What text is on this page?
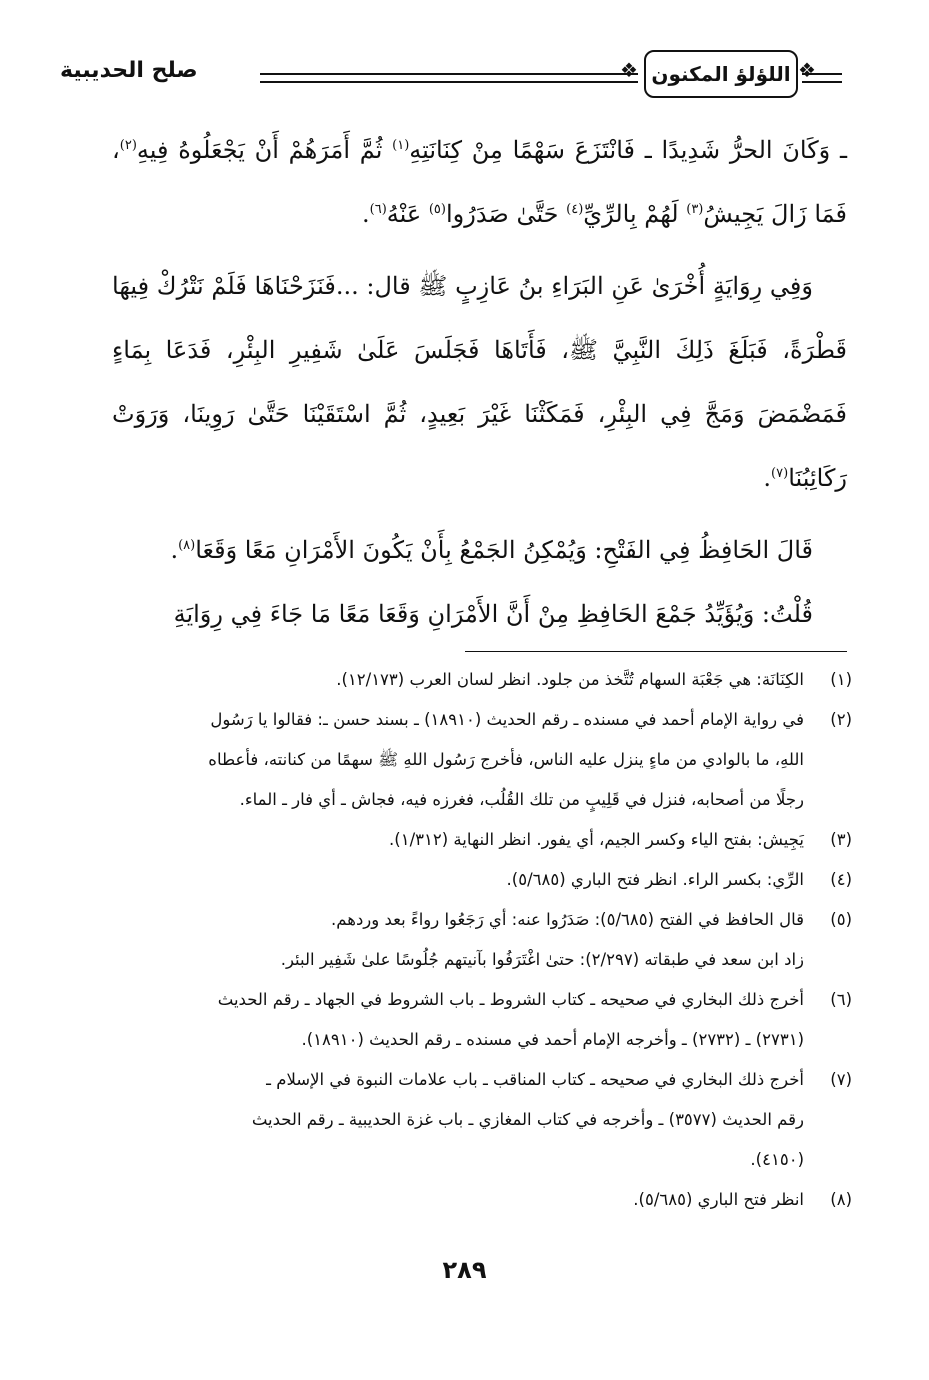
صلح الحديبية	❖ اللؤلؤ المكنون ❖

ـ وَكَانَ الحرُّ شَدِيدًا ـ فَانْتَزَعَ سَهْمًا مِنْ كِنَانَتِهِ$^{(١)}$ ثُمَّ أَمَرَهُمْ أَنْ يَجْعَلُوهُ فِيهِ$^{(٢)}$، فَمَا زَالَ يَجِيشُ$^{(٣)}$ لَهُمْ بِالرِّيِّ$^{(٤)}$ حَتَّىٰ صَدَرُوا$^{(٥)}$ عَنْهُ$^{(٦)}$.

وَفِي رِوَايَةٍ أُخْرَىٰ عَنِ البَرَاءِ بنُ عَازِبٍ ﷺ قال: ...فَنَزَحْنَاهَا فَلَمْ نَتْرُكْ فِيهَا قَطْرَةً، فَبَلَغَ ذَلِكَ النَّبِيَّ ﷺ، فَأَتَاهَا فَجَلَسَ عَلَىٰ شَفِيرِ البِئْرِ، فَدَعَا بِمَاءٍ فَمَضْمَضَ وَمَجَّ فِي البِئْرِ، فَمَكَثْنَا غَيْرَ بَعِيدٍ، ثُمَّ اسْتَقَيْنَا حَتَّىٰ رَوِينَا، وَرَوَتْ رَكَائِبُنَا$^{(٧)}$.

قَالَ الحَافِظُ فِي الفَتْحِ: وَيُمْكِنُ الجَمْعُ بِأَنْ يَكُونَ الأَمْرَانِ مَعًا وَقَعَا$^{(٨)}$.

قُلْتُ: وَيُؤَيِّدُ جَمْعَ الحَافِظِ مِنْ أَنَّ الأَمْرَانِ وَقَعَا مَعًا مَا جَاءَ فِي رِوَايَةِ

(١)
الكِنَانَة: هي جَعْبَة السهام تُتَّخذ من جلود. انظر لسان العرب (١٢/١٧٣).
(٢)
في رواية الإمام أحمد في مسنده ـ رقم الحديث (١٨٩١٠) ـ بسند حسن ـ: فقالوا يا رَسُول
اللهِ، ما بالوادي من ماءٍ ينزل عليه الناس، فأخرج رَسُول اللهِ ﷺ سهمًا من كنانته، فأعطاه
رجلًا من أصحابه، فنزل في قَلِيبٍ من تلك القُلُب، فغرزه فيه، فجاش ـ أي فار ـ الماء.
(٣)
يَجِيش: بفتح الياء وكسر الجيم، أي يفور. انظر النهاية (١/٣١٢).
(٤)
الرِّي: بكسر الراء. انظر فتح الباري (٥/٦٨٥).
(٥)
قال الحافظ في الفتح (٥/٦٨٥): صَدَرُوا عنه: أي رَجَعُوا رواءً بعد وردهم.
زاد ابن سعد في طبقاته (٢/٢٩٧): حتىٰ اغْتَرَفُوا بآنيتهم جُلُوسًا علىٰ شَفِير البئر.
(٦)
أخرج ذلك البخاري في صحيحه ـ كتاب الشروط ـ باب الشروط في الجهاد ـ رقم الحديث
(٢٧٣١) ـ (٢٧٣٢) ـ وأخرجه الإمام أحمد في مسنده ـ رقم الحديث (١٨٩١٠).
(٧)
أخرج ذلك البخاري في صحيحه ـ كتاب المناقب ـ باب علامات النبوة في الإسلام ـ
رقم الحديث (٣٥٧٧) ـ وأخرجه في كتاب المغازي ـ باب غزة الحديبية ـ رقم الحديث
(٤١٥٠).
(٨)
انظر فتح الباري (٥/٦٨٥).
٢٨٩
